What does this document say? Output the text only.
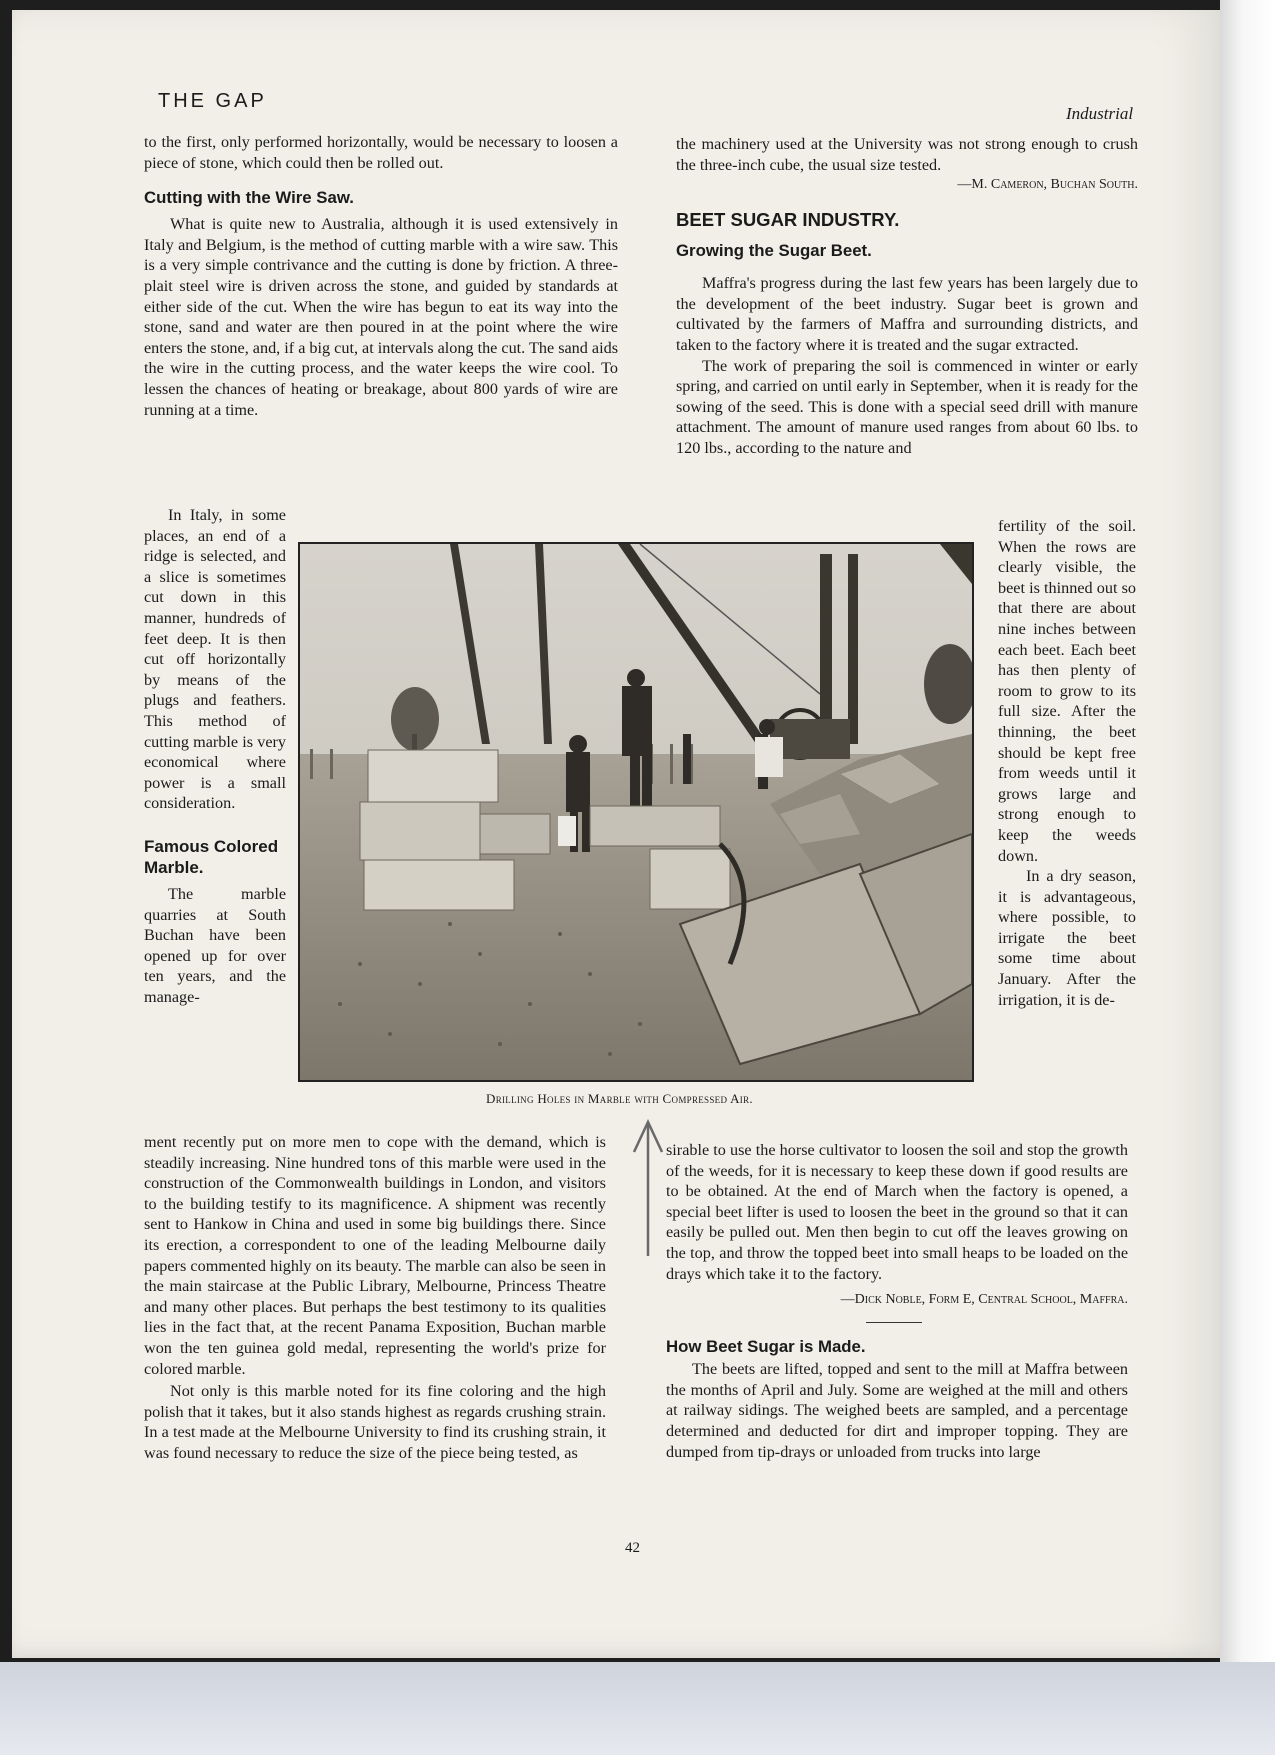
THE GAP
Industrial

to the first, only performed horizontally, would be necessary to loosen a piece of stone, which could then be rolled out.

Cutting with the Wire Saw.

What is quite new to Australia, although it is used extensively in Italy and Belgium, is the method of cutting marble with a wire saw. This is a very simple contrivance and the cutting is done by friction. A three-plait steel wire is driven across the stone, and guided by standards at either side of the cut. When the wire has begun to eat its way into the stone, sand and water are then poured in at the point where the wire enters the stone, and, if a big cut, at intervals along the cut. The sand aids the wire in the cutting process, and the water keeps the wire cool. To lessen the chances of heating or breakage, about 800 yards of wire are running at a time.

In Italy, in some places, an end of a ridge is selected, and a slice is sometimes cut down in this manner, hundreds of feet deep. It is then cut off horizontally by means of the plugs and feathers. This method of cutting marble is very economical where power is a small consideration.

Famous Colored Marble.

The marble quarries at South Buchan have been opened up for over ten years, and the manage-

ment recently put on more men to cope with the demand, which is steadily increasing. Nine hundred tons of this marble were used in the construction of the Commonwealth buildings in London, and visitors to the building testify to its magnificence. A shipment was recently sent to Hankow in China and used in some big buildings there. Since its erection, a correspondent to one of the leading Melbourne daily papers commented highly on its beauty. The marble can also be seen in the main staircase at the Public Library, Melbourne, Princess Theatre and many other places. But perhaps the best testimony to its qualities lies in the fact that, at the recent Panama Exposition, Buchan marble won the ten guinea gold medal, representing the world's prize for colored marble.

Not only is this marble noted for its fine coloring and the high polish that it takes, but it also stands highest as regards crushing strain. In a test made at the Melbourne University to find its crushing strain, it was found necessary to reduce the size of the piece being tested, as

the machinery used at the University was not strong enough to crush the three-inch cube, the usual size tested.

—M. Cameron, Buchan South.

BEET SUGAR INDUSTRY.

Growing the Sugar Beet.

Maffra's progress during the last few years has been largely due to the development of the beet industry. Sugar beet is grown and cultivated by the farmers of Maffra and surrounding districts, and taken to the factory where it is treated and the sugar extracted.

The work of preparing the soil is commenced in winter or early spring, and carried on until early in September, when it is ready for the sowing of the seed. This is done with a special seed drill with manure attachment. The amount of manure used ranges from about 60 lbs. to 120 lbs., according to the nature and

fertility of the soil. When the rows are clearly visible, the beet is thinned out so that there are about nine inches between each beet. Each beet has then plenty of room to grow to its full size. After the thinning, the beet should be kept free from weeds until it grows large and strong enough to keep the weeds down.

In a dry season, it is advantageous, where possible, to irrigate the beet some time about January. After the irrigation, it is de-

sirable to use the horse cultivator to loosen the soil and stop the growth of the weeds, for it is necessary to keep these down if good results are to be obtained. At the end of March when the factory is opened, a special beet lifter is used to loosen the beet in the ground so that it can easily be pulled out. Men then begin to cut off the leaves growing on the top, and throw the topped beet into small heaps to be loaded on the drays which take it to the factory.

—Dick Noble, Form E, Central School, Maffra.

How Beet Sugar is Made.

The beets are lifted, topped and sent to the mill at Maffra between the months of April and July. Some are weighed at the mill and others at railway sidings. The weighed beets are sampled, and a percentage determined and deducted for dirt and improper topping. They are dumped from tip-drays or unloaded from trucks into large

Drilling Holes in Marble with Compressed Air.
42
